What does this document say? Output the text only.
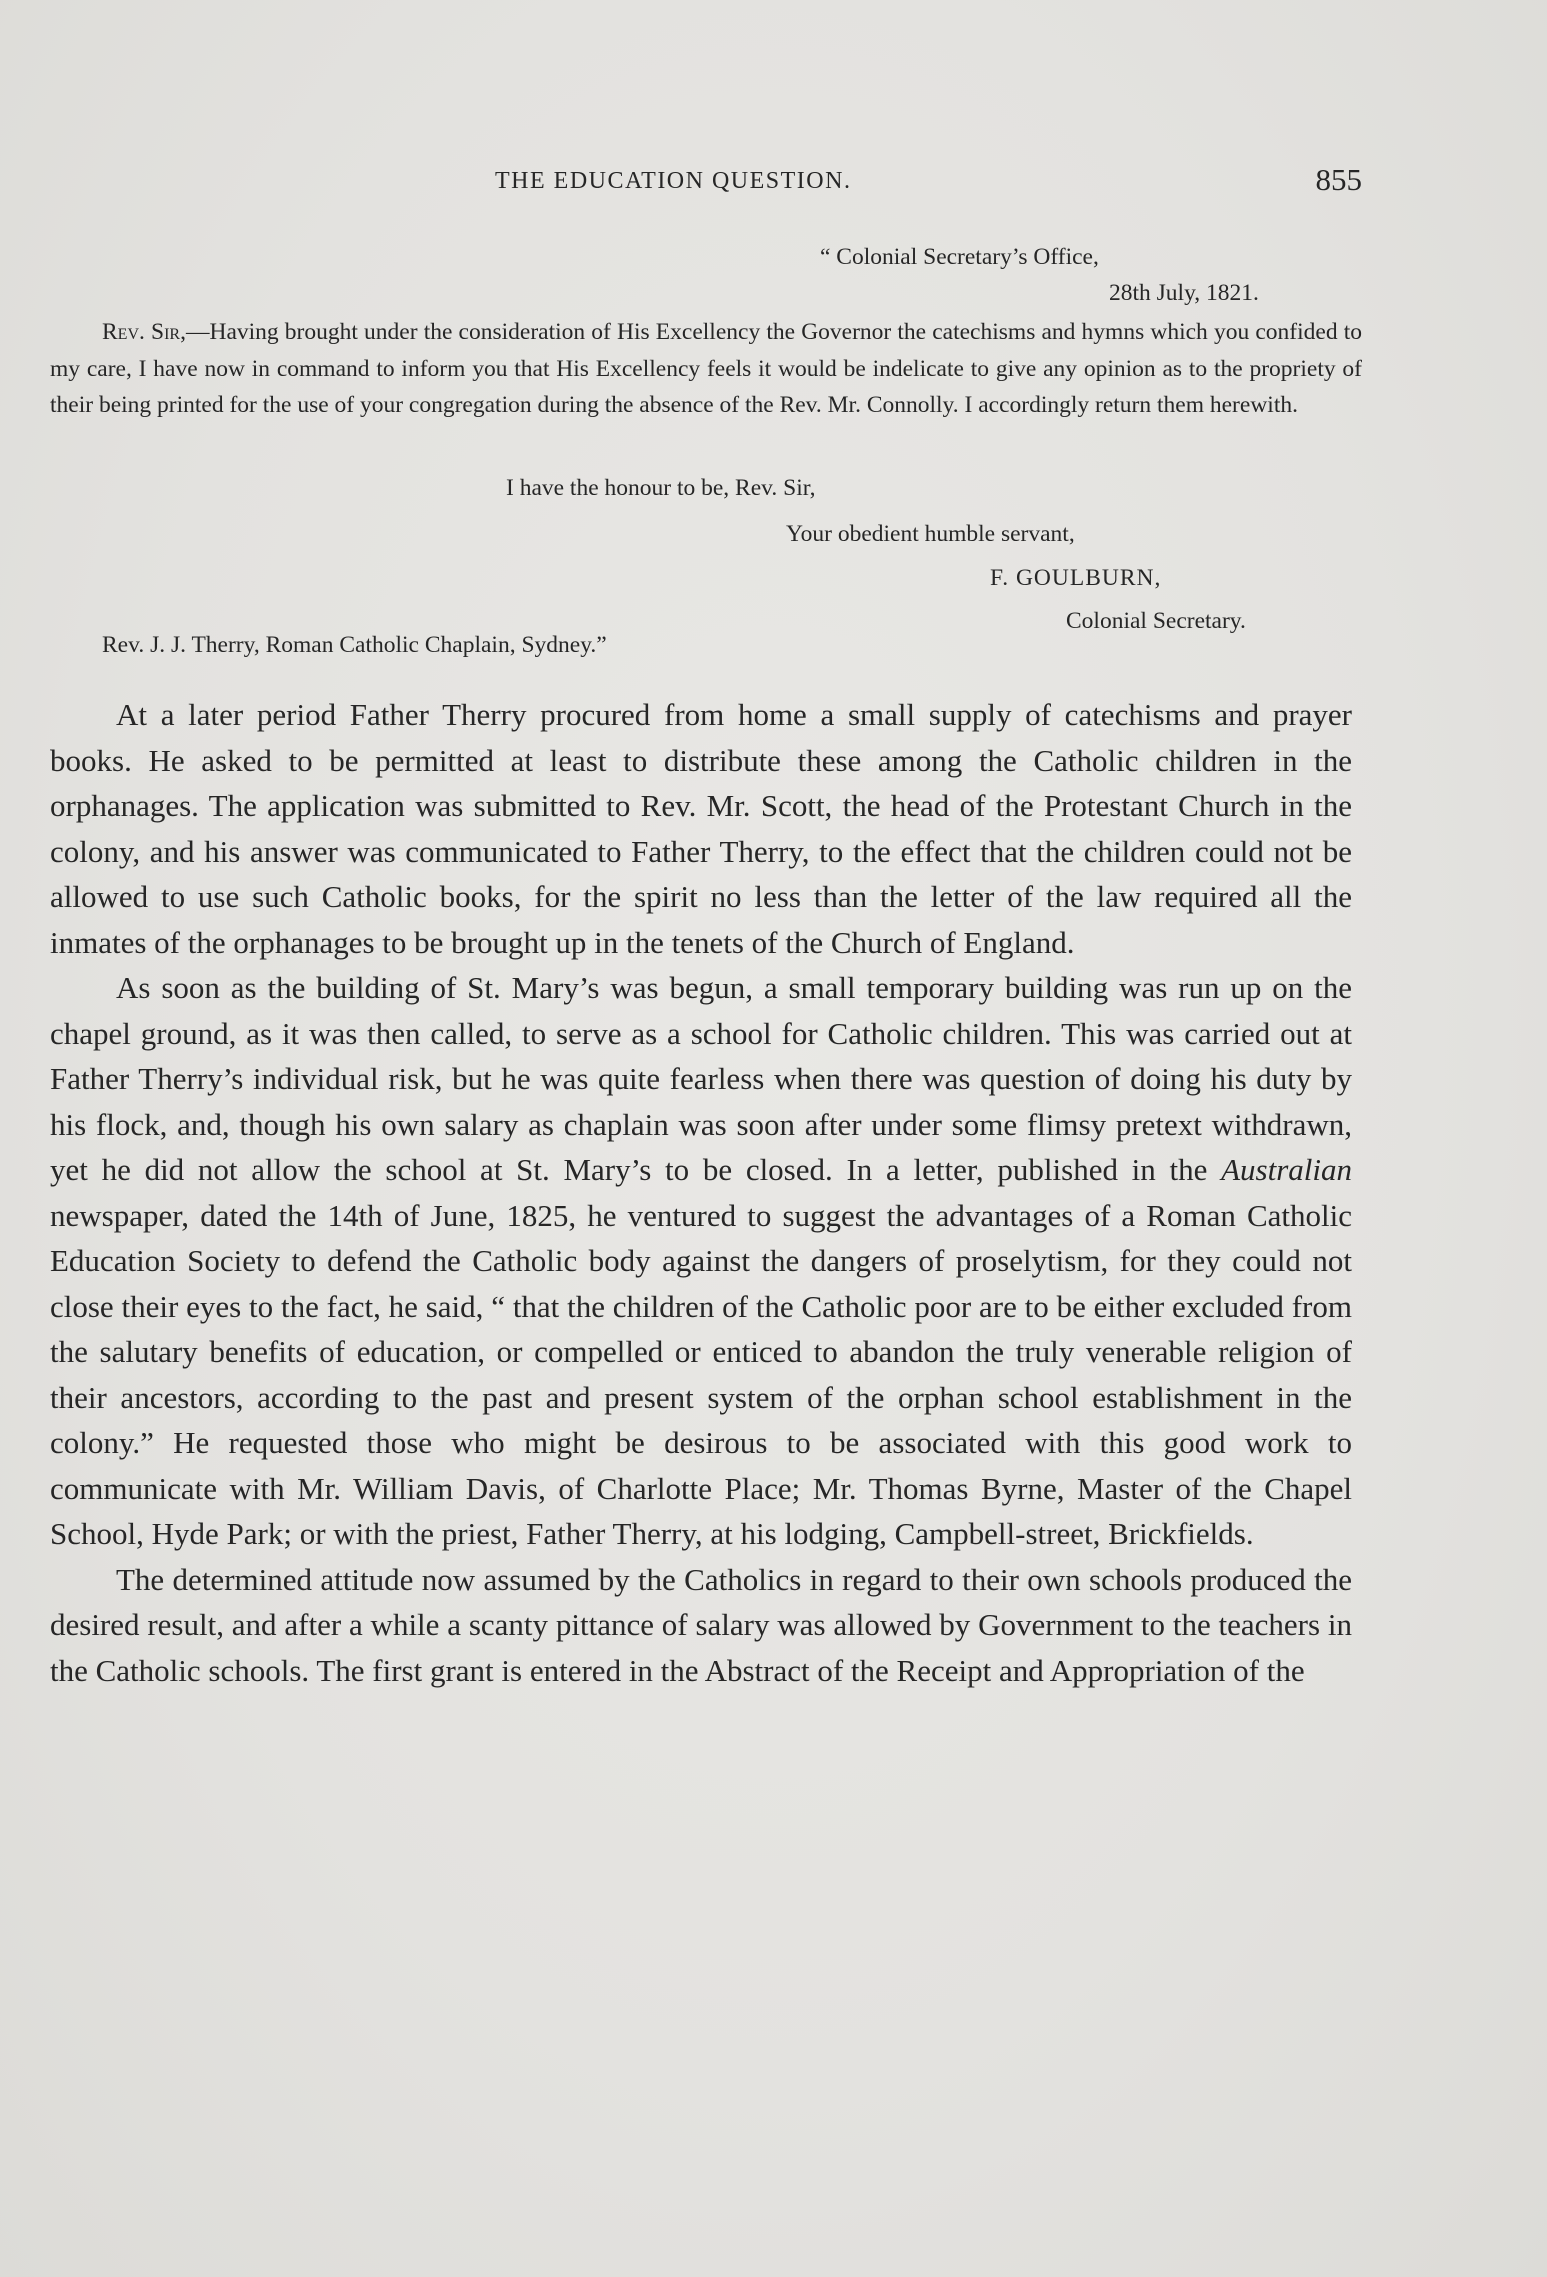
THE EDUCATION QUESTION.	855
“ Colonial Secretary’s Office,
28th July, 1821.
Rev. Sir,—Having brought under the consideration of His Excellency the Governor the catechisms and hymns which you confided to my care, I have now in command to inform you that His Excellency feels it would be indelicate to give any opinion as to the propriety of their being printed for the use of your congregation during the absence of the Rev. Mr. Connolly. I accordingly return them herewith.
I have the honour to be, Rev. Sir,
Your obedient humble servant,
F. GOULBURN,
Colonial Secretary.
Rev. J. J. Therry, Roman Catholic Chaplain, Sydney.”

At a later period Father Therry procured from home a small supply of catechisms and prayer books. He asked to be permitted at least to distribute these among the Catholic children in the orphanages. The application was submitted to Rev. Mr. Scott, the head of the Protestant Church in the colony, and his answer was communicated to Father Therry, to the effect that the children could not be allowed to use such Catholic books, for the spirit no less than the letter of the law required all the inmates of the orphanages to be brought up in the tenets of the Church of England.

As soon as the building of St. Mary’s was begun, a small temporary building was run up on the chapel ground, as it was then called, to serve as a school for Catholic children. This was carried out at Father Therry’s individual risk, but he was quite fearless when there was question of doing his duty by his flock, and, though his own salary as chaplain was soon after under some flimsy pretext withdrawn, yet he did not allow the school at St. Mary’s to be closed. In a letter, published in the Australian newspaper, dated the 14th of June, 1825, he ventured to suggest the advantages of a Roman Catholic Education Society to defend the Catholic body against the dangers of proselytism, for they could not close their eyes to the fact, he said, “ that the children of the Catholic poor are to be either excluded from the salutary benefits of education, or compelled or enticed to abandon the truly venerable religion of their ancestors, according to the past and present system of the orphan school establishment in the colony.” He requested those who might be desirous to be associated with this good work to communicate with Mr. William Davis, of Charlotte Place; Mr. Thomas Byrne, Master of the Chapel School, Hyde Park; or with the priest, Father Therry, at his lodging, Campbell-street, Brickfields.

The determined attitude now assumed by the Catholics in regard to their own schools produced the desired result, and after a while a scanty pittance of salary was allowed by Government to the teachers in the Catholic schools. The first grant is entered in the Abstract of the Receipt and Appropriation of the
